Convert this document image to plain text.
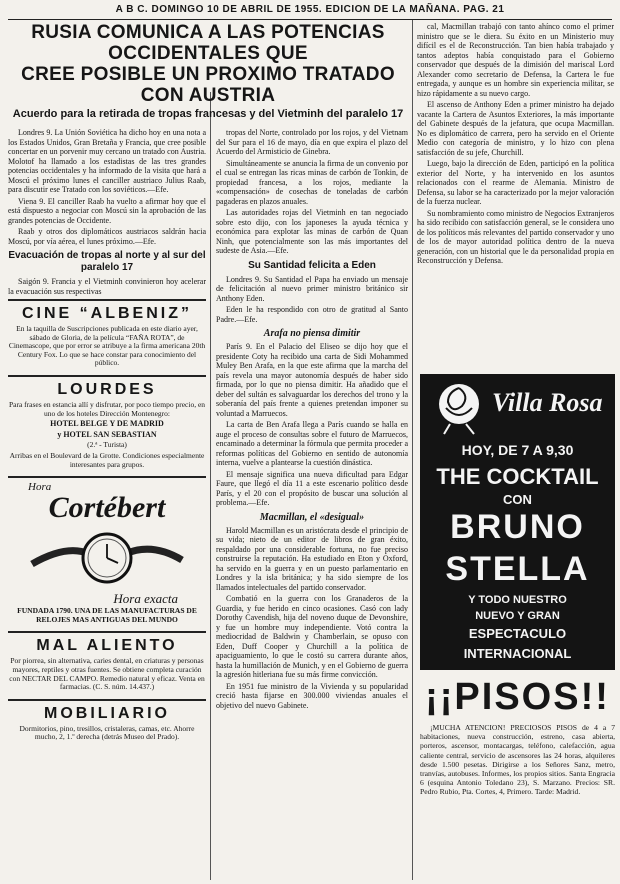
A B C. DOMINGO 10 DE ABRIL DE 1955. EDICION DE LA MAÑANA. PAG. 21
RUSIA COMUNICA A LAS POTENCIAS OCCIDENTALES QUE
CREE POSIBLE UN PROXIMO TRATADO CON AUSTRIA
Acuerdo para la retirada de tropas francesas y del Vietminh del paralelo 17

Londres 9. La Unión Soviética ha dicho hoy en una nota a los Estados Unidos, Gran Bretaña y Francia, que cree posible concertar en un porvenir muy cercano un tratado con Austria. Molotof ha llamado a los estadistas de las tres grandes potencias occidentales y ha informado de la visita que hará a Moscú el próximo lunes el canciller austriaco Julius Raab, para discutir ese Tratado con los soviéticos.—Efe.

Viena 9. El canciller Raab ha vuelto a afirmar hoy que el está dispuesto a negociar con Moscú sin la aprobación de las grandes potencias de Occidente.

Raab y otros dos diplomáticos austriacos saldrán hacia Moscú, por vía aérea, el lunes próximo.—Efe.

Evacuación de tropas al norte y al sur del paralelo 17

Saigón 9. Francia y el Vietminh convinieron hoy acelerar la evacuación sus respectivas

CINE “ALBENIZ”

En la taquilla de Suscripciones publicada en este diario ayer, sábado de Gloria, de la película “FAÑA ROTA”, de Cinemascope, que por error se atribuye a la firma americana 20th Century Fox. Lo que se hace constar para conocimiento del público.

LOURDES

Para frases en estancia allí y disfrutar, por poco tiempo precio, en uno de los hoteles Dirección Montenegro:

HOTEL BELGE Y DE MADRID

y HOTEL SAN SEBASTIAN

(2.ª - Turista)

Arribas en el Boulevard de la Grotte. Condiciones especialmente interesantes para grupos.

Hora
Cortébert
Hora exacta

FUNDADA 1790. UNA DE LAS MANUFACTURAS DE RELOJES MAS ANTIGUAS DEL MUNDO

MAL ALIENTO

Por piorrea, sin alternativa, caries dental, en criaturas y personas mayores, reptiles y otras fuentes. Se obtiene completa curación con NECTAR DEL CAMPO. Remedio natural y eficaz. Venta en farmacias. (C. S. núm. 14.437.)

MOBILIARIO

Dormitorios, pino, tresillos, cristaleras, camas, etc. Ahorre mucho, 2, 1.º derecha (detrás Museo del Prado).

tropas del Norte, controlado por los rojos, y del Vietnam del Sur para el 16 de mayo, día en que expira el plazo del Acuerdo del Armisticio de Ginebra.

Simultáneamente se anuncia la firma de un convenio por el cual se entregan las ricas minas de carbón de Tonkin, de propiedad francesa, a los rojos, mediante la «compensación» de cosechas de toneladas de carbón pagaderas en plazos anuales.

Las autoridades rojas del Vietminh en tan negociado sobre esto dijo, con los japoneses la ayuda técnica y económica para explotar las minas de carbón de Quan Ninh, que potencialmente son las más importantes del sudeste de Asia.—Efe.

Su Santidad felicita a Eden

Londres 9. Su Santidad el Papa ha enviado un mensaje de felicitación al nuevo primer ministro británico sir Anthony Eden.

Eden le ha respondido con otro de gratitud al Santo Padre.—Efe.

Arafa no piensa dimitir

París 9. En el Palacio del Eliseo se dijo hoy que el presidente Coty ha recibido una carta de Sidi Mohammed Muley Ben Arafa, en la que este afirma que la marcha del país revela una mayor autonomía después de haber sido firmada, por lo que no piensa dimitir. Ha añadido que el deber del sultán es salvaguardar los derechos del trono y la soberanía del país frente a quienes pretendan imponer su voluntad a Marruecos.

La carta de Ben Arafa llega a París cuando se halla en auge el proceso de consultas sobre el futuro de Marruecos, encaminado a determinar la fórmula que permita proceder a reformas políticas del Gobierno en sentido de autonomía interna, vuelve a plantearse la cuestión dinástica.

El mensaje significa una nueva dificultad para Edgar Faure, que llegó el día 11 a este escenario político desde París, y el 20 con el propósito de buscar una solución al problema.—Efe.

Macmillan, el «desigual»

Harold Macmillan es un aristócrata desde el principio de su vida; nieto de un editor de libros de gran éxito, respaldado por una considerable fortuna, no fue preciso construirse la reputación. Ha estudiado en Eton y Oxford, ha servido en la guerra y en un puesto parlamentario en Londres y la isla británica; y ha sido siempre de los llamados intelectuales del partido conservador.

Combatió en la guerra con los Granaderos de la Guardia, y fue herido en cinco ocasiones. Casó con lady Dorothy Cavendish, hija del noveno duque de Devonshire, y fue un hombre muy independiente. Votó contra la mediocridad de Baldwin y Chamberlain, se opuso con Eden, Duff Cooper y Churchill a la política de apaciguamiento, lo que le costó su carrera durante años, hasta la humillación de Munich, y en el Gobierno de guerra la agresión hitleriana fue su más firme convicción.

En 1951 fue ministro de la Vivienda y su popularidad creció hasta fijarse en 300.000 viviendas anuales el objetivo del nuevo Gabinete.

cal, Macmillan trabajó con tanto ahínco como el primer ministro que se le diera. Su éxito en un Ministerio muy difícil es el de Reconstrucción. Tan bien había trabajado y tantos adeptos había conquistado para el Gobierno conservador que después de la dimisión del mariscal Lord Alexander como secretario de Defensa, la Cartera le fue entregada, y aunque es un hombre sin experiencia militar, se hizo rápidamente a su nuevo cargo.

El ascenso de Anthony Eden a primer ministro ha dejado vacante la Cartera de Asuntos Exteriores, la más importante del Gabinete después de la jefatura, que ocupa Macmillan. No es diplomático de carrera, pero ha servido en el Oriente Medio con categoría de ministro, y lo hizo con plena satisfacción de su jefe, Churchill.

Luego, bajo la dirección de Eden, participó en la política exterior del Norte, y ha intervenido en los asuntos relacionados con el rearme de Alemania. Ministro de Defensa, su labor se ha caracterizado por la mejor valoración de la fuerza nuclear.

Su nombramiento como ministro de Negocios Extranjeros ha sido recibido con satisfacción general, se le considera uno de los políticos más relevantes del partido conservador y uno de los de mayor autoridad política dentro de la nueva generación, con un historial que le da personalidad propia en Reconstrucción y Defensa.

Villa Rosa
HOY, DE 7 A 9,30
THE COCKTAIL
CON
BRUNO
STELLA
Y TODO NUESTRO
NUEVO Y GRAN
ESPECTACULO
INTERNACIONAL
¡¡PISOS!!

¡MUCHA ATENCION! PRECIOSOS PISOS de 4 a 7 habitaciones, nueva construcción, estreno, casa abierta, porteros, ascensor, montacargas, teléfono, calefacción, agua caliente central, servicio de ascensores las 24 horas, alquileres desde 1.500 pesetas. Dirigirse a los Señores Sanz, metro, tranvías, autobuses. Informes, los propios sitios. Santa Engracia 6 (esquina Antonio Toledano 23), S. Marzano. Precios: SR. Pedro Rubio, Pta. Cortes, 4, Primero. Tarde: Madrid.
